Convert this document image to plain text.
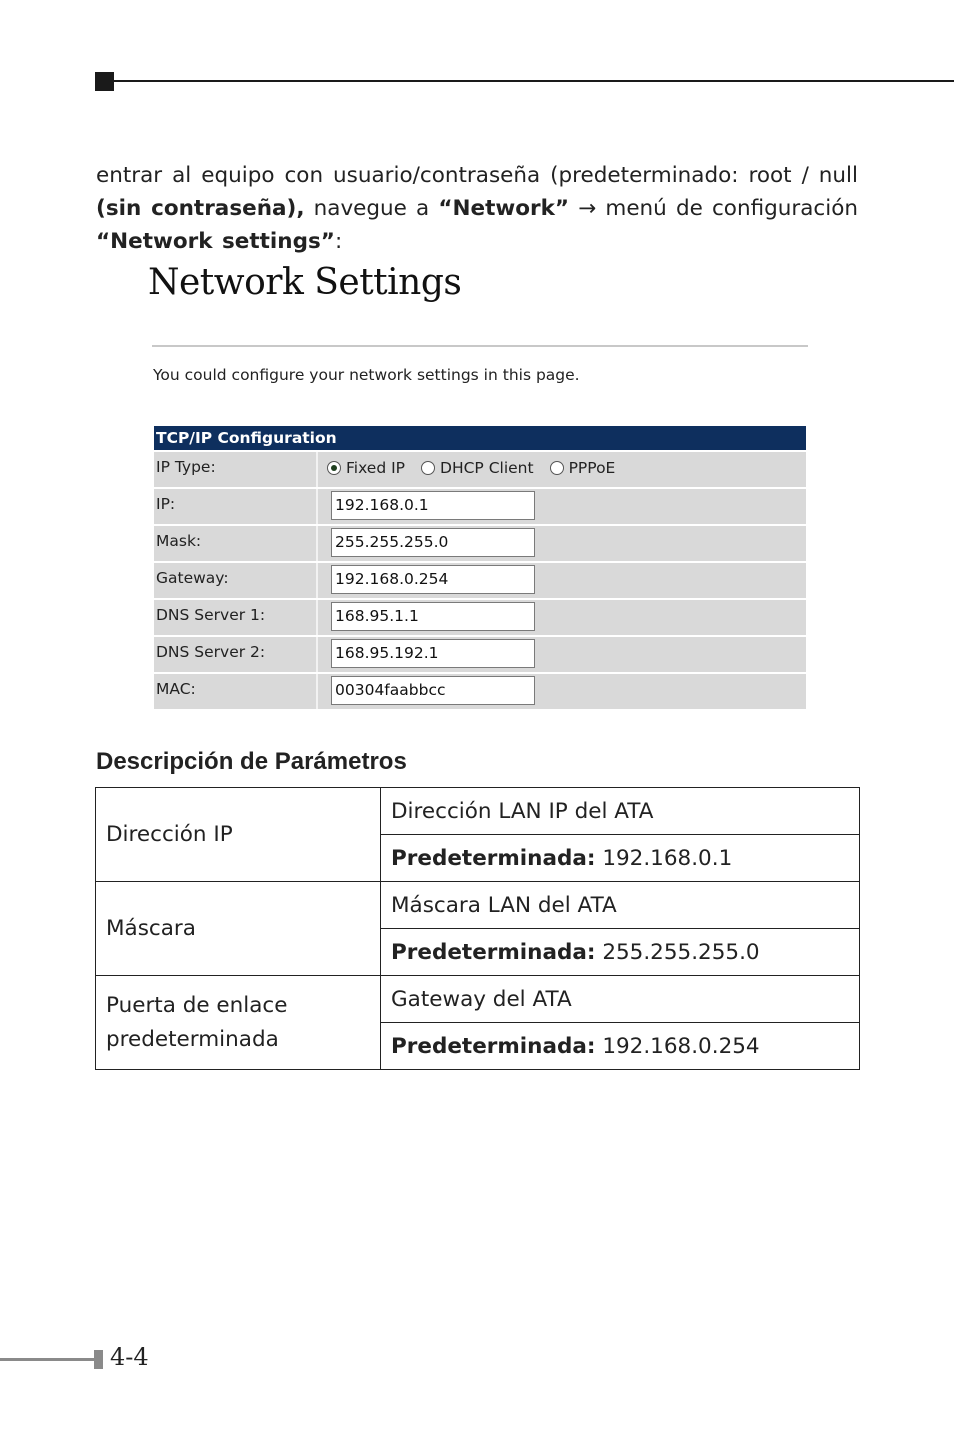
entrar al equipo con usuario/contraseña (predeterminado: root / null (sin contraseña), navegue a “Network” → menú de configuración “Network settings”:

Network Settings
You could configure your network settings in this page.
TCP/IP Configuration
IP Type:	Fixed IP DHCP Client PPPoE
IP:	192.168.0.1
Mask:	255.255.255.0
Gateway:	192.168.0.254
DNS Server 1:	168.95.1.1
DNS Server 2:	168.95.192.1
MAC:	00304faabbcc
Descripción de Parámetros
Dirección IP	Dirección LAN IP del ATA
	Predeterminada: 192.168.0.1
Máscara	Máscara LAN del ATA
	Predeterminada: 255.255.255.0
Puerta de enlace predeterminada	Gateway del ATA
	Predeterminada: 192.168.0.254
4-4
